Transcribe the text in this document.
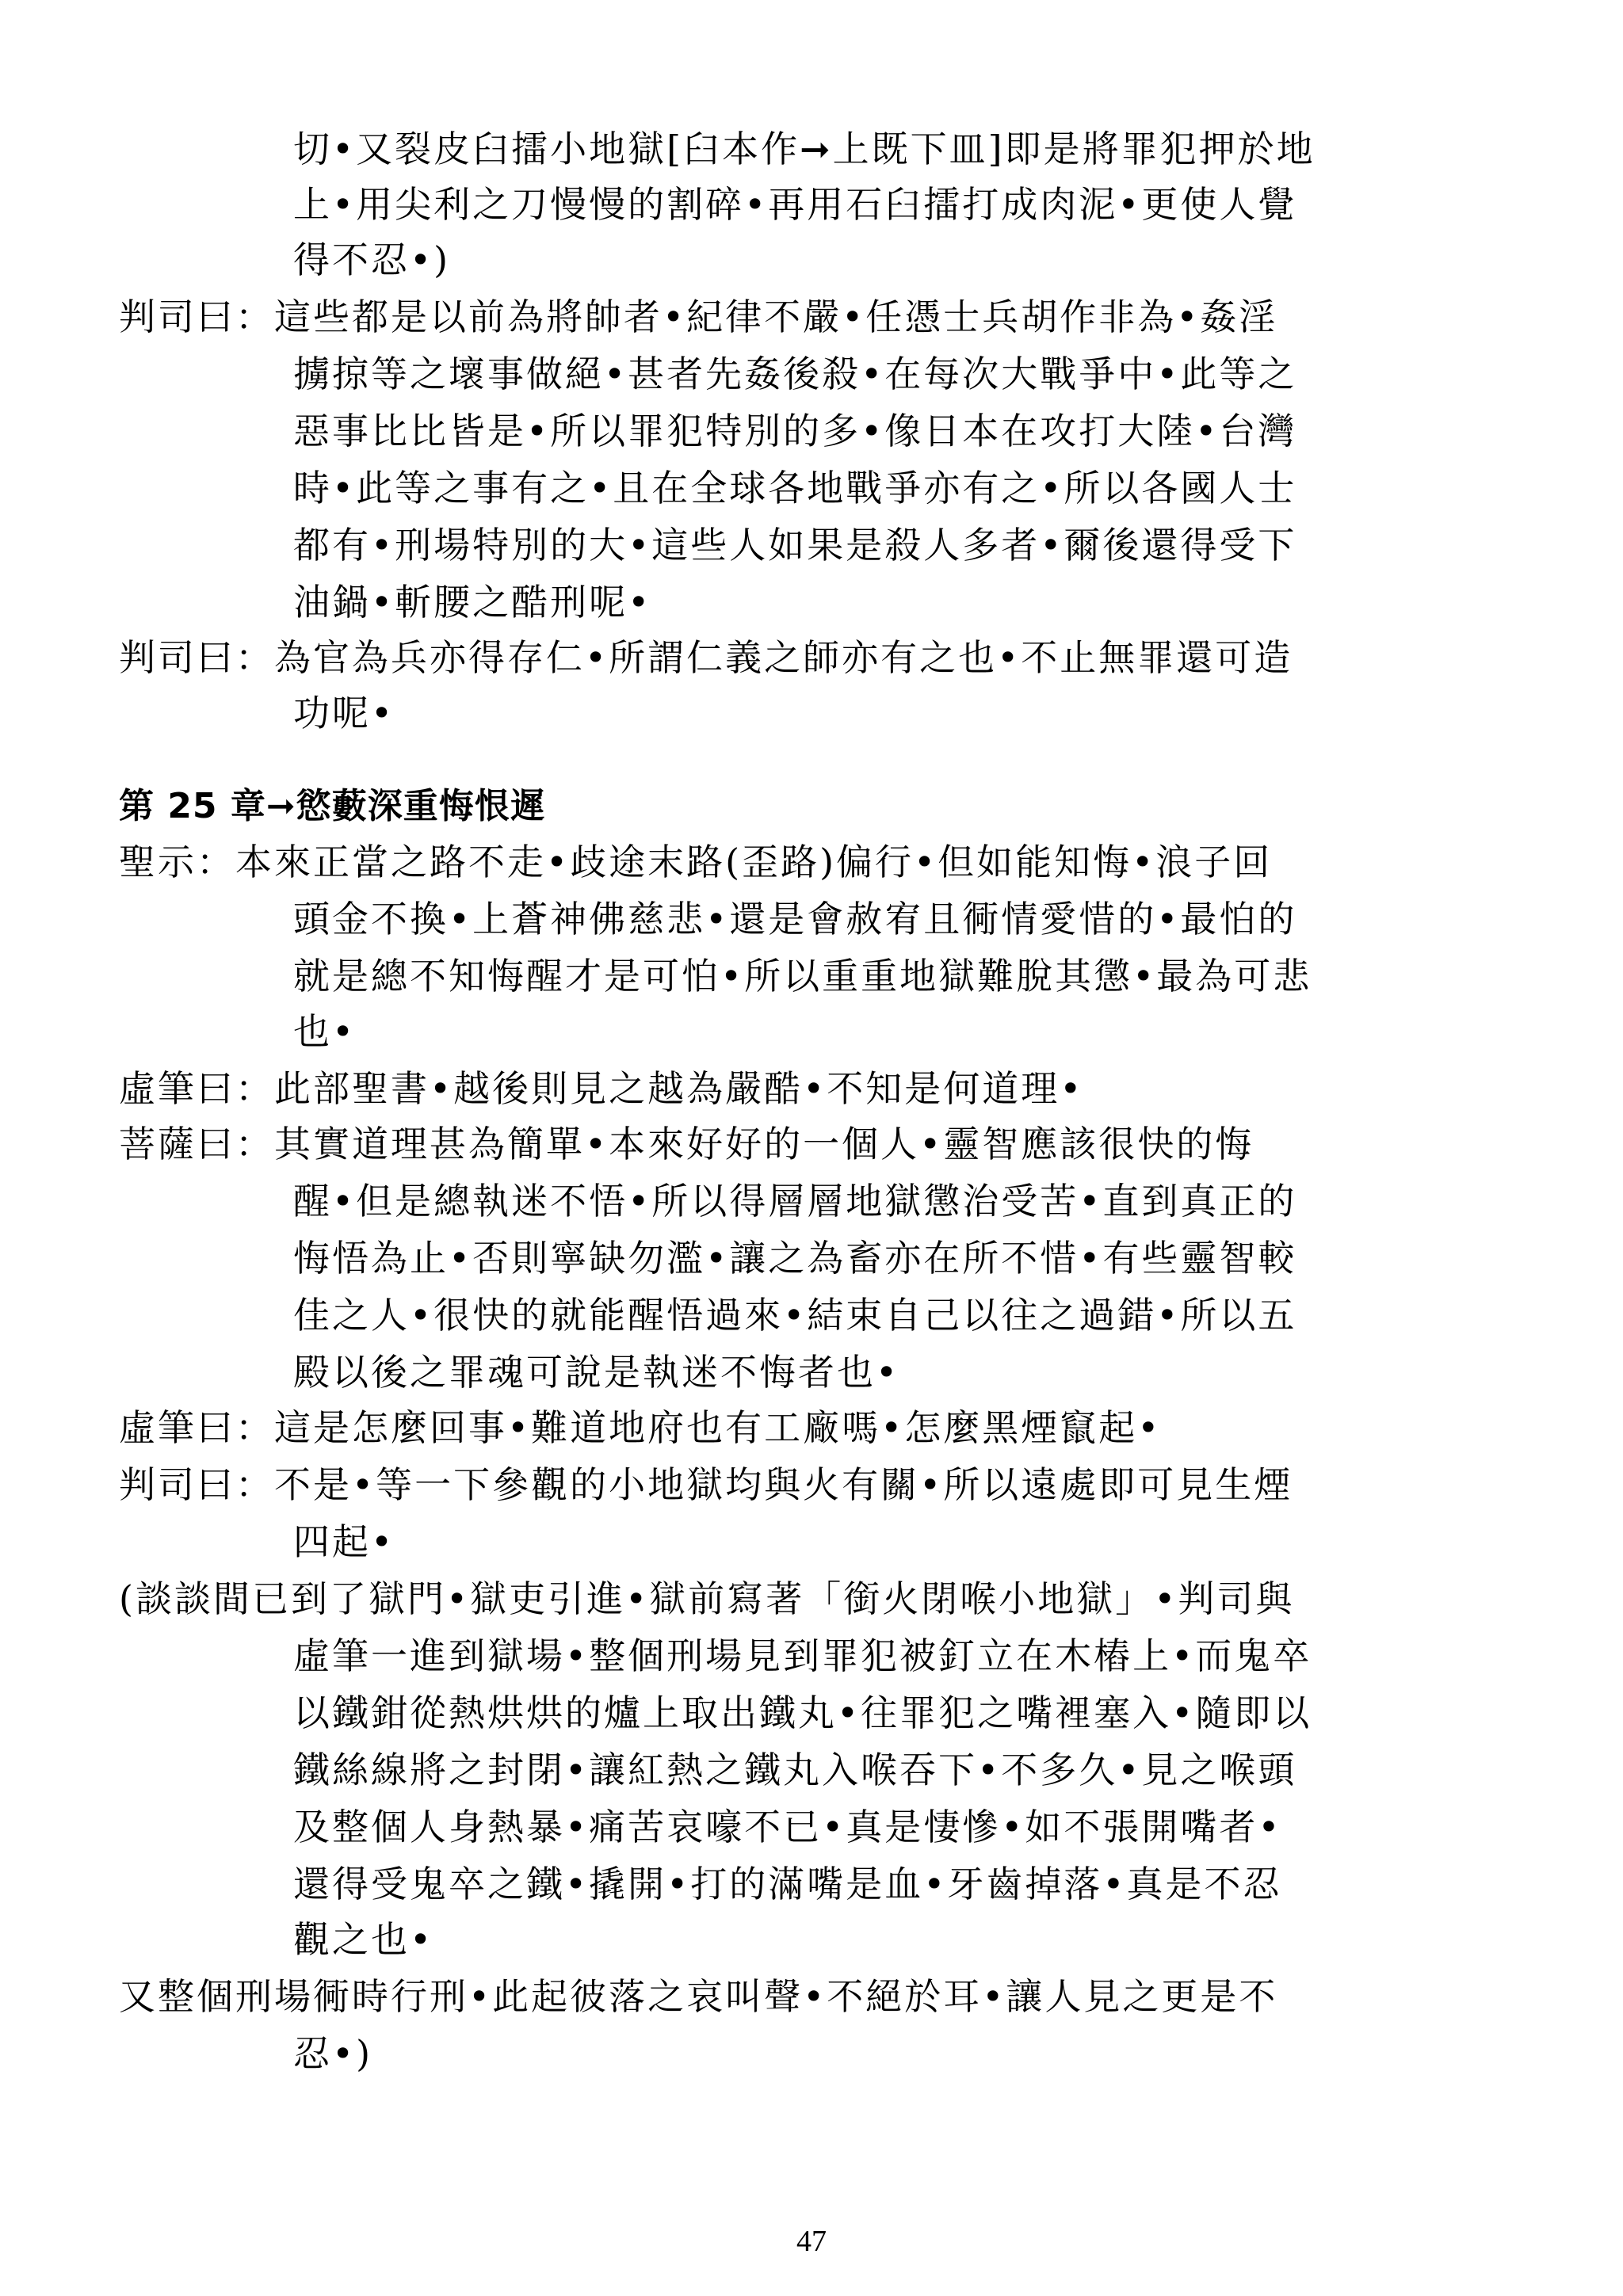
切•又裂皮臼擂小地獄[臼本作➞上既下皿]即是將罪犯押於地
上•用尖利之刀慢慢的割碎•再用石臼擂打成肉泥•更使人覺
得不忍•)
判司曰：這些都是以前為將帥者•紀律不嚴•任憑士兵胡作非為•姦淫
擄掠等之壞事做絕•甚者先姦後殺•在每次大戰爭中•此等之
惡事比比皆是•所以罪犯特別的多•像日本在攻打大陸•台灣
時•此等之事有之•且在全球各地戰爭亦有之•所以各國人士
都有•刑場特別的大•這些人如果是殺人多者•爾後還得受下
油鍋•斬腰之酷刑呢•
判司曰：為官為兵亦得存仁•所謂仁義之師亦有之也•不止無罪還可造
功呢•
第 25 章➞慾藪深重悔恨遲
聖示：本來正當之路不走•歧途末路(歪路)偏行•但如能知悔•浪子回
頭金不換•上蒼神佛慈悲•還是會赦宥且衕情愛惜的•最怕的
就是總不知悔醒才是可怕•所以重重地獄難脫其懲•最為可悲
也•
虛筆曰：此部聖書•越後則見之越為嚴酷•不知是何道理•
菩薩曰：其實道理甚為簡單•本來好好的一個人•靈智應該很快的悔
醒•但是總執迷不悟•所以得層層地獄懲治受苦•直到真正的
悔悟為止•否則寧缺勿濫•讓之為畜亦在所不惜•有些靈智較
佳之人•很快的就能醒悟過來•結束自己以往之過錯•所以五
殿以後之罪魂可說是執迷不悔者也•
虛筆曰：這是怎麼回事•難道地府也有工廠嗎•怎麼黑煙竄起•
判司曰：不是•等一下參觀的小地獄均與火有關•所以遠處即可見生煙
四起•
(談談間已到了獄門•獄吏引進•獄前寫著「銜火閉喉小地獄」•判司與
虛筆一進到獄場•整個刑場見到罪犯被釘立在木樁上•而鬼卒
以鐵鉗從熱烘烘的爐上取出鐵丸•往罪犯之嘴裡塞入•隨即以
鐵絲線將之封閉•讓紅熱之鐵丸入喉吞下•不多久•見之喉頭
及整個人身熱暴•痛苦哀嚎不已•真是悽慘•如不張開嘴者•
還得受鬼卒之鐵•撬開•打的滿嘴是血•牙齒掉落•真是不忍
觀之也•
又整個刑場衕時行刑•此起彼落之哀叫聲•不絕於耳•讓人見之更是不
忍•)
47
